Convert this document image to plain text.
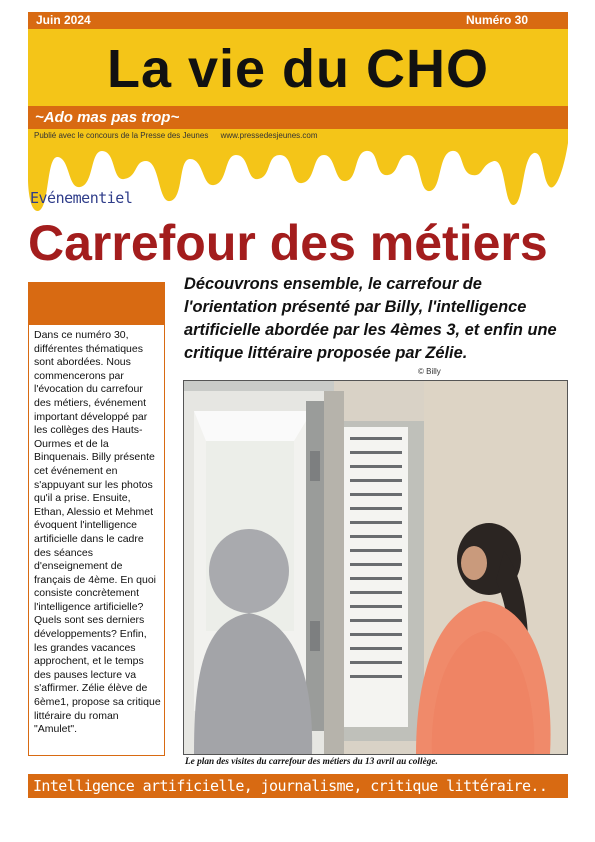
Juin 2024	Numéro 30
La vie du CHO
~Ado mas pas trop~
Publié avec le concours de la Presse des Jeunes www.pressedesjeunes.com
Evénementiel
Carrefour des métiers
Dans ce numéro 30, différentes thématiques sont abordées. Nous commencerons par l'évocation du carrefour des métiers, événement important développé par les collèges des Hauts-Ourmes et de la Binquenais. Billy présente cet événement en s'appuyant sur les photos qu'il a prise. Ensuite, Ethan, Alessio et Mehmet évoquent l'intelligence artificielle dans le cadre des séances d'enseignement de français de 4ème. En quoi consiste concrètement l'intelligence artificielle? Quels sont ses derniers développements? Enfin, les grandes vacances approchent, et le temps des pauses lecture va s'affirmer. Zélie élève de 6ème1, propose sa critique littéraire du roman "Amulet".
Découvrons ensemble, le carrefour de l'orientation présenté par Billy, l'intelligence artificielle abordée par les 4èmes 3, et enfin une critique littéraire proposée par Zélie.
© Billy
Le plan des visites du carrefour des métiers du 13 avril au collège.
Intelligence artificielle, journalisme, critique littéraire..
